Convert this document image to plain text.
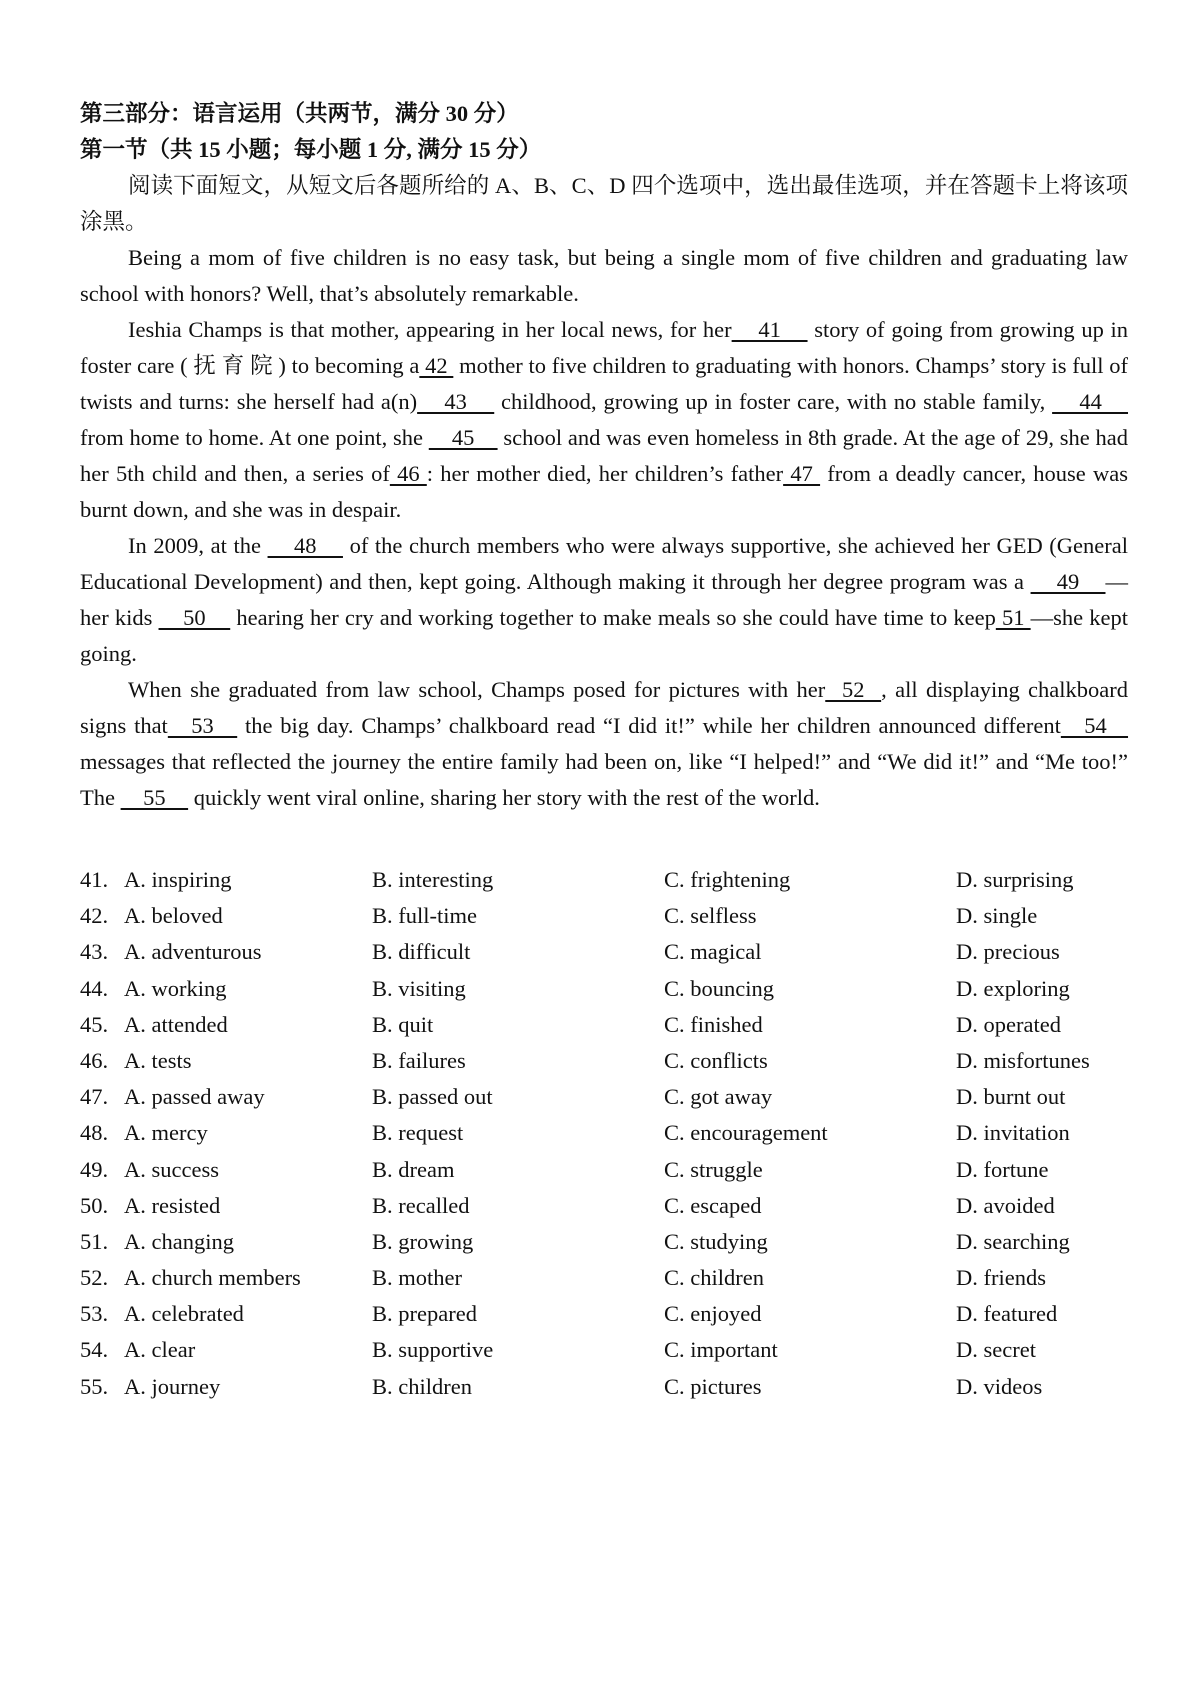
第三部分：语言运用（共两节，满分 30 分）
第一节（共 15 小题；每小题 1 分, 满分 15 分）

阅读下面短文，从短文后各题所给的 A、B、C、D 四个选项中，选出最佳选项，并在答题卡上将该项涂黑。

Being a mom of five children is no easy task, but being a single mom of five children and graduating law school with honors? Well, that’s absolutely remarkable.

Ieshia Champs is that mother, appearing in her local news, for her    41     story of going from growing up in foster care ( 抚 育 院 ) to becoming a 42  mother to five children to graduating with honors. Champs’ story is full of twists and turns: she herself had a(n)    43     childhood, growing up in foster care, with no stable family,     44     from home to home. At one point, she     45     school and was even homeless in 8th grade. At the age of 29, she had her 5th child and then, a series of 46 : her mother died, her children’s father 47  from a deadly cancer, house was burnt down, and she was in despair.

In 2009, at the     48     of the church members who were always supportive, she achieved her GED (General Educational Development) and then, kept going. Although making it through her degree program was a     49    —her kids     50     hearing her cry and working together to make meals so she could have time to keep 51 —she kept going.

When she graduated from law school, Champs posed for pictures with her  52  , all displaying chalkboard signs that   53    the big day. Champs’ chalkboard read “I did it!” while her children announced different   54    messages that reflected the journey the entire family had been on, like “I helped!” and “We did it!” and “Me too!” The     55     quickly went viral online, sharing her story with the rest of the world.

41. A. inspiring	B. interesting	C. frightening	D. surprising
42. A. beloved	B. full-time	C. selfless	D. single
43. A. adventurous	B. difficult	C. magical	D. precious
44. A. working	B. visiting	C. bouncing	D. exploring
45. A. attended	B. quit	C. finished	D. operated
46. A. tests	B. failures	C. conflicts	D. misfortunes
47. A. passed away	B. passed out	C. got away	D. burnt out
48. A. mercy	B. request	C. encouragement	D. invitation
49. A. success	B. dream	C. struggle	D. fortune
50. A. resisted	B. recalled	C. escaped	D. avoided
51. A. changing	B. growing	C. studying	D. searching
52. A. church members	B. mother	C. children	D. friends
53. A. celebrated	B. prepared	C. enjoyed	D. featured
54. A. clear	B. supportive	C. important	D. secret
55. A. journey	B. children	C. pictures	D. videos
